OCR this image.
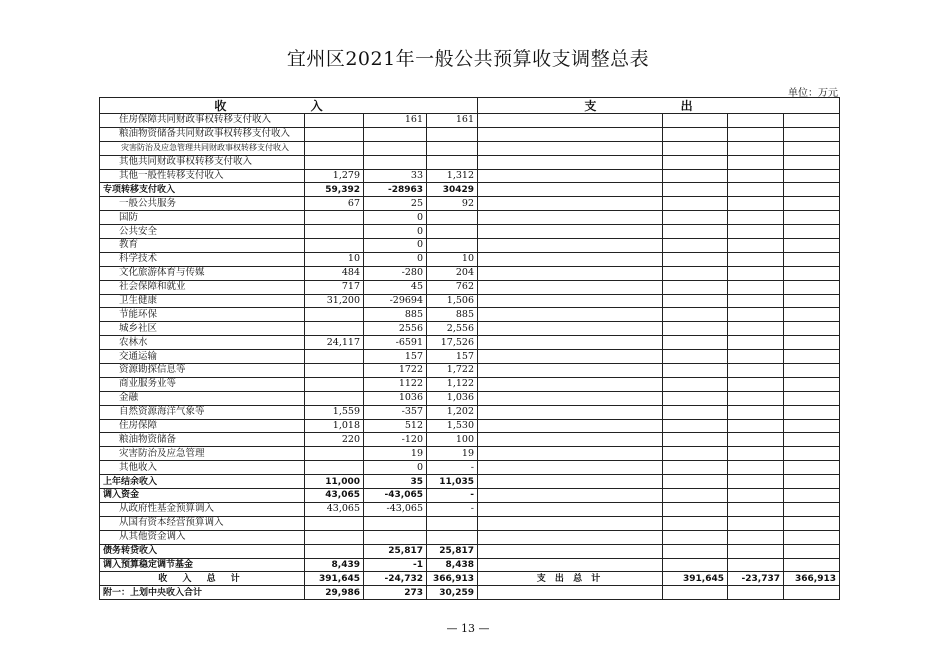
宜州区2021年一般公共预算收支调整总表
单位：万元
收 入				支 出			
住房保障共同财政事权转移支付收入		161	161				
粮油物资储备共同财政事权转移支付收入							
灾害防治及应急管理共同财政事权转移支付收入							
其他共同财政事权转移支付收入							
其他一般性转移支付收入	1,279	33	1,312				
专项转移支付收入	59,392	-28963	30429				
一般公共服务	67	25	92				
国防		0					
公共安全		0					
教育		0					
科学技术	10	0	10				
文化旅游体育与传媒	484	-280	204				
社会保障和就业	717	45	762				
卫生健康	31,200	-29694	1,506				
节能环保		885	885				
城乡社区		2556	2,556				
农林水	24,117	-6591	17,526				
交通运输		157	157				
资源勘探信息等		1722	1,722				
商业服务业等		1122	1,122				
金融		1036	1,036				
自然资源海洋气象等	1,559	-357	1,202				
住房保障	1,018	512	1,530				
粮油物资储备	220	-120	100				
灾害防治及应急管理		19	19				
其他收入		0	-				
上年结余收入	11,000	35	11,035				
调入资金	43,065	-43,065	-				
从政府性基金预算调入	43,065	-43,065	-				
从国有资本经营预算调入							
从其他资金调入							
债务转贷收入		25,817	25,817				
调入预算稳定调节基金	8,439	-1	8,438				
收 入 总 计	391,645	-24,732	366,913	支 出 总 计	391,645	-23,737	366,913
附一：上划中央收入合计	29,986	273	30,259				
— 13 —
